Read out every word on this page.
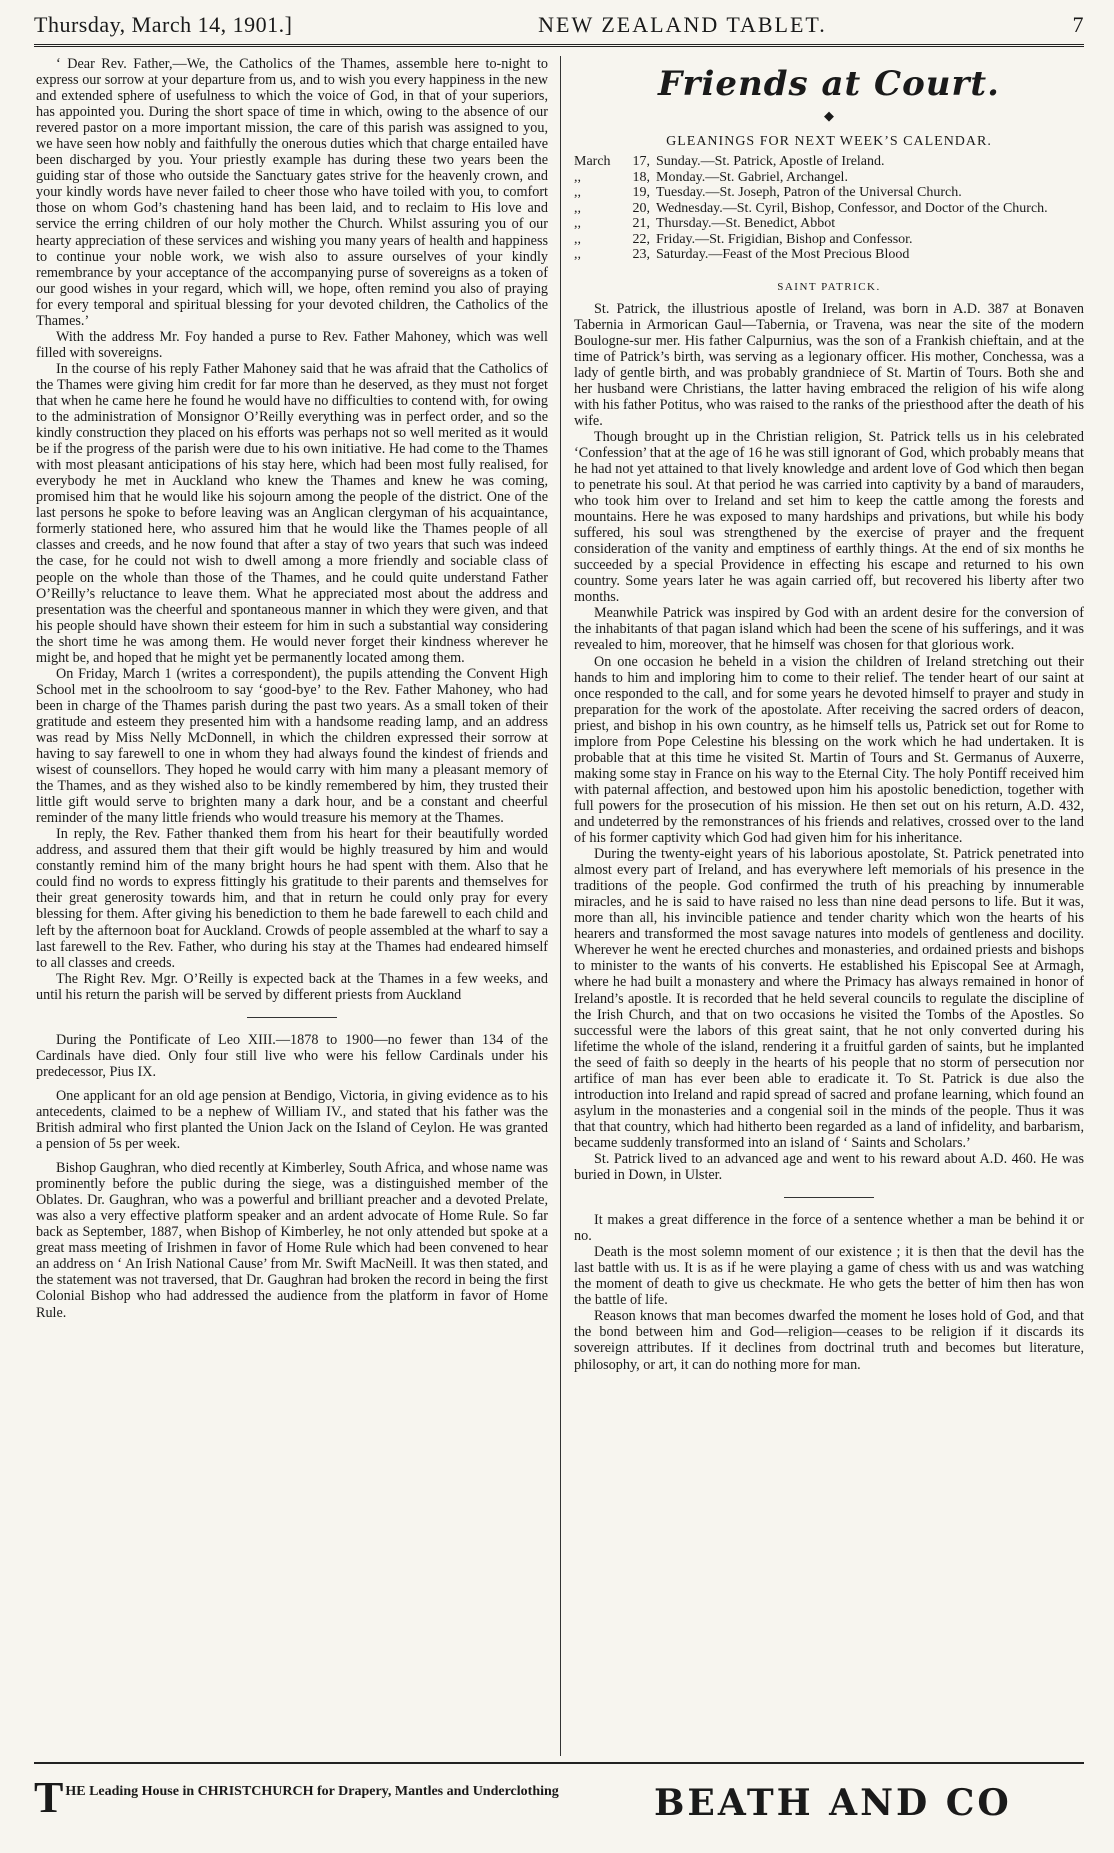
Thursday, March 14, 1901.]	NEW ZEALAND TABLET.	7

‘ Dear Rev. Father,—We, the Catholics of the Thames, assemble here to-night to express our sorrow at your departure from us, and to wish you every happiness in the new and extended sphere of usefulness to which the voice of God, in that of your superiors, has appointed you. During the short space of time in which, owing to the absence of our revered pastor on a more important mission, the care of this parish was assigned to you, we have seen how nobly and faithfully the onerous duties which that charge entailed have been discharged by you. Your priestly example has during these two years been the guiding star of those who outside the Sanctuary gates strive for the heavenly crown, and your kindly words have never failed to cheer those who have toiled with you, to comfort those on whom God’s chastening hand has been laid, and to reclaim to His love and service the erring children of our holy mother the Church. Whilst assuring you of our hearty appreciation of these services and wishing you many years of health and happiness to continue your noble work, we wish also to assure ourselves of your kindly remembrance by your acceptance of the accompanying purse of sovereigns as a token of our good wishes in your regard, which will, we hope, often remind you also of praying for every temporal and spiritual blessing for your devoted children, the Catholics of the Thames.’

With the address Mr. Foy handed a purse to Rev. Father Mahoney, which was well filled with sovereigns.

In the course of his reply Father Mahoney said that he was afraid that the Catholics of the Thames were giving him credit for far more than he deserved, as they must not forget that when he came here he found he would have no difficulties to contend with, for owing to the administration of Monsignor O’Reilly everything was in perfect order, and so the kindly construction they placed on his efforts was perhaps not so well merited as it would be if the progress of the parish were due to his own initiative. He had come to the Thames with most pleasant anticipations of his stay here, which had been most fully realised, for everybody he met in Auckland who knew the Thames and knew he was coming, promised him that he would like his sojourn among the people of the district. One of the last persons he spoke to before leaving was an Anglican clergyman of his acquaintance, formerly stationed here, who assured him that he would like the Thames people of all classes and creeds, and he now found that after a stay of two years that such was indeed the case, for he could not wish to dwell among a more friendly and sociable class of people on the whole than those of the Thames, and he could quite understand Father O’Reilly’s reluctance to leave them. What he appreciated most about the address and presentation was the cheerful and spontaneous manner in which they were given, and that his people should have shown their esteem for him in such a substantial way considering the short time he was among them. He would never forget their kindness wherever he might be, and hoped that he might yet be permanently located among them.

On Friday, March 1 (writes a correspondent), the pupils attending the Convent High School met in the schoolroom to say ‘good-bye’ to the Rev. Father Mahoney, who had been in charge of the Thames parish during the past two years. As a small token of their gratitude and esteem they presented him with a handsome reading lamp, and an address was read by Miss Nelly McDonnell, in which the children expressed their sorrow at having to say farewell to one in whom they had always found the kindest of friends and wisest of counsellors. They hoped he would carry with him many a pleasant memory of the Thames, and as they wished also to be kindly remembered by him, they trusted their little gift would serve to brighten many a dark hour, and be a constant and cheerful reminder of the many little friends who would treasure his memory at the Thames.

In reply, the Rev. Father thanked them from his heart for their beautifully worded address, and assured them that their gift would be highly treasured by him and would constantly remind him of the many bright hours he had spent with them. Also that he could find no words to express fittingly his gratitude to their parents and themselves for their great generosity towards him, and that in return he could only pray for every blessing for them. After giving his benediction to them he bade farewell to each child and left by the afternoon boat for Auckland. Crowds of people assembled at the wharf to say a last farewell to the Rev. Father, who during his stay at the Thames had endeared himself to all classes and creeds.

The Right Rev. Mgr. O’Reilly is expected back at the Thames in a few weeks, and until his return the parish will be served by different priests from Auckland

During the Pontificate of Leo XIII.—1878 to 1900—no fewer than 134 of the Cardinals have died. Only four still live who were his fellow Cardinals under his predecessor, Pius IX.

One applicant for an old age pension at Bendigo, Victoria, in giving evidence as to his antecedents, claimed to be a nephew of William IV., and stated that his father was the British admiral who first planted the Union Jack on the Island of Ceylon. He was granted a pension of 5s per week.

Bishop Gaughran, who died recently at Kimberley, South Africa, and whose name was prominently before the public during the siege, was a distinguished member of the Oblates. Dr. Gaughran, who was a powerful and brilliant preacher and a devoted Prelate, was also a very effective platform speaker and an ardent advocate of Home Rule. So far back as September, 1887, when Bishop of Kimberley, he not only attended but spoke at a great mass meeting of Irishmen in favor of Home Rule which had been convened to hear an address on ‘ An Irish National Cause’ from Mr. Swift MacNeill. It was then stated, and the statement was not traversed, that Dr. Gaughran had broken the record in being the first Colonial Bishop who had addressed the audience from the platform in favor of Home Rule.

Friends at Court.
◆
GLEANINGS FOR NEXT WEEK’S CALENDAR.
March	17,	Sunday.—St. Patrick, Apostle of Ireland.
,,	18,	Monday.—St. Gabriel, Archangel.
,,	19,	Tuesday.—St. Joseph, Patron of the Universal Church.
,,	20,	Wednesday.—St. Cyril, Bishop, Confessor, and Doctor of the Church.
,,	21,	Thursday.—St. Benedict, Abbot
,,	22,	Friday.—St. Frigidian, Bishop and Confessor.
,,	23,	Saturday.—Feast of the Most Precious Blood
SAINT PATRICK.

St. Patrick, the illustrious apostle of Ireland, was born in A.D. 387 at Bonaven Tabernia in Armorican Gaul—Tabernia, or Travena, was near the site of the modern Boulogne-sur mer. His father Calpurnius, was the son of a Frankish chieftain, and at the time of Patrick’s birth, was serving as a legionary officer. His mother, Conchessa, was a lady of gentle birth, and was probably grandniece of St. Martin of Tours. Both she and her husband were Christians, the latter having embraced the religion of his wife along with his father Potitus, who was raised to the ranks of the priesthood after the death of his wife.

Though brought up in the Christian religion, St. Patrick tells us in his celebrated ‘Confession’ that at the age of 16 he was still ignorant of God, which probably means that he had not yet attained to that lively knowledge and ardent love of God which then began to penetrate his soul. At that period he was carried into captivity by a band of marauders, who took him over to Ireland and set him to keep the cattle among the forests and mountains. Here he was exposed to many hardships and privations, but while his body suffered, his soul was strengthened by the exercise of prayer and the frequent consideration of the vanity and emptiness of earthly things. At the end of six months he succeeded by a special Providence in effecting his escape and returned to his own country. Some years later he was again carried off, but recovered his liberty after two months.

Meanwhile Patrick was inspired by God with an ardent desire for the conversion of the inhabitants of that pagan island which had been the scene of his sufferings, and it was revealed to him, moreover, that he himself was chosen for that glorious work.

On one occasion he beheld in a vision the children of Ireland stretching out their hands to him and imploring him to come to their relief. The tender heart of our saint at once responded to the call, and for some years he devoted himself to prayer and study in preparation for the work of the apostolate. After receiving the sacred orders of deacon, priest, and bishop in his own country, as he himself tells us, Patrick set out for Rome to implore from Pope Celestine his blessing on the work which he had undertaken. It is probable that at this time he visited St. Martin of Tours and St. Germanus of Auxerre, making some stay in France on his way to the Eternal City. The holy Pontiff received him with paternal affection, and bestowed upon him his apostolic benediction, together with full powers for the prosecution of his mission. He then set out on his return, A.D. 432, and undeterred by the remonstrances of his friends and relatives, crossed over to the land of his former captivity which God had given him for his inheritance.

During the twenty-eight years of his laborious apostolate, St. Patrick penetrated into almost every part of Ireland, and has everywhere left memorials of his presence in the traditions of the people. God confirmed the truth of his preaching by innumerable miracles, and he is said to have raised no less than nine dead persons to life. But it was, more than all, his invincible patience and tender charity which won the hearts of his hearers and transformed the most savage natures into models of gentleness and docility. Wherever he went he erected churches and monasteries, and ordained priests and bishops to minister to the wants of his converts. He established his Episcopal See at Armagh, where he had built a monastery and where the Primacy has always remained in honor of Ireland’s apostle. It is recorded that he held several councils to regulate the discipline of the Irish Church, and that on two occasions he visited the Tombs of the Apostles. So successful were the labors of this great saint, that he not only converted during his lifetime the whole of the island, rendering it a fruitful garden of saints, but he implanted the seed of faith so deeply in the hearts of his people that no storm of persecution nor artifice of man has ever been able to eradicate it. To St. Patrick is due also the introduction into Ireland and rapid spread of sacred and profane learning, which found an asylum in the monasteries and a congenial soil in the minds of the people. Thus it was that that country, which had hitherto been regarded as a land of infidelity, and barbarism, became suddenly transformed into an island of ‘ Saints and Scholars.’

St. Patrick lived to an advanced age and went to his reward about A.D. 460. He was buried in Down, in Ulster.

It makes a great difference in the force of a sentence whether a man be behind it or no.

Death is the most solemn moment of our existence ; it is then that the devil has the last battle with us. It is as if he were playing a game of chess with us and was watching the moment of death to give us checkmate. He who gets the better of him then has won the battle of life.

Reason knows that man becomes dwarfed the moment he loses hold of God, and that the bond between him and God—religion—ceases to be religion if it discards its sovereign attributes. If it declines from doctrinal truth and becomes but literature, philosophy, or art, it can do nothing more for man.

T HE Leading House in CHRISTCHURCH for Drapery, Mantles and Underclothing	BEATH AND CO
